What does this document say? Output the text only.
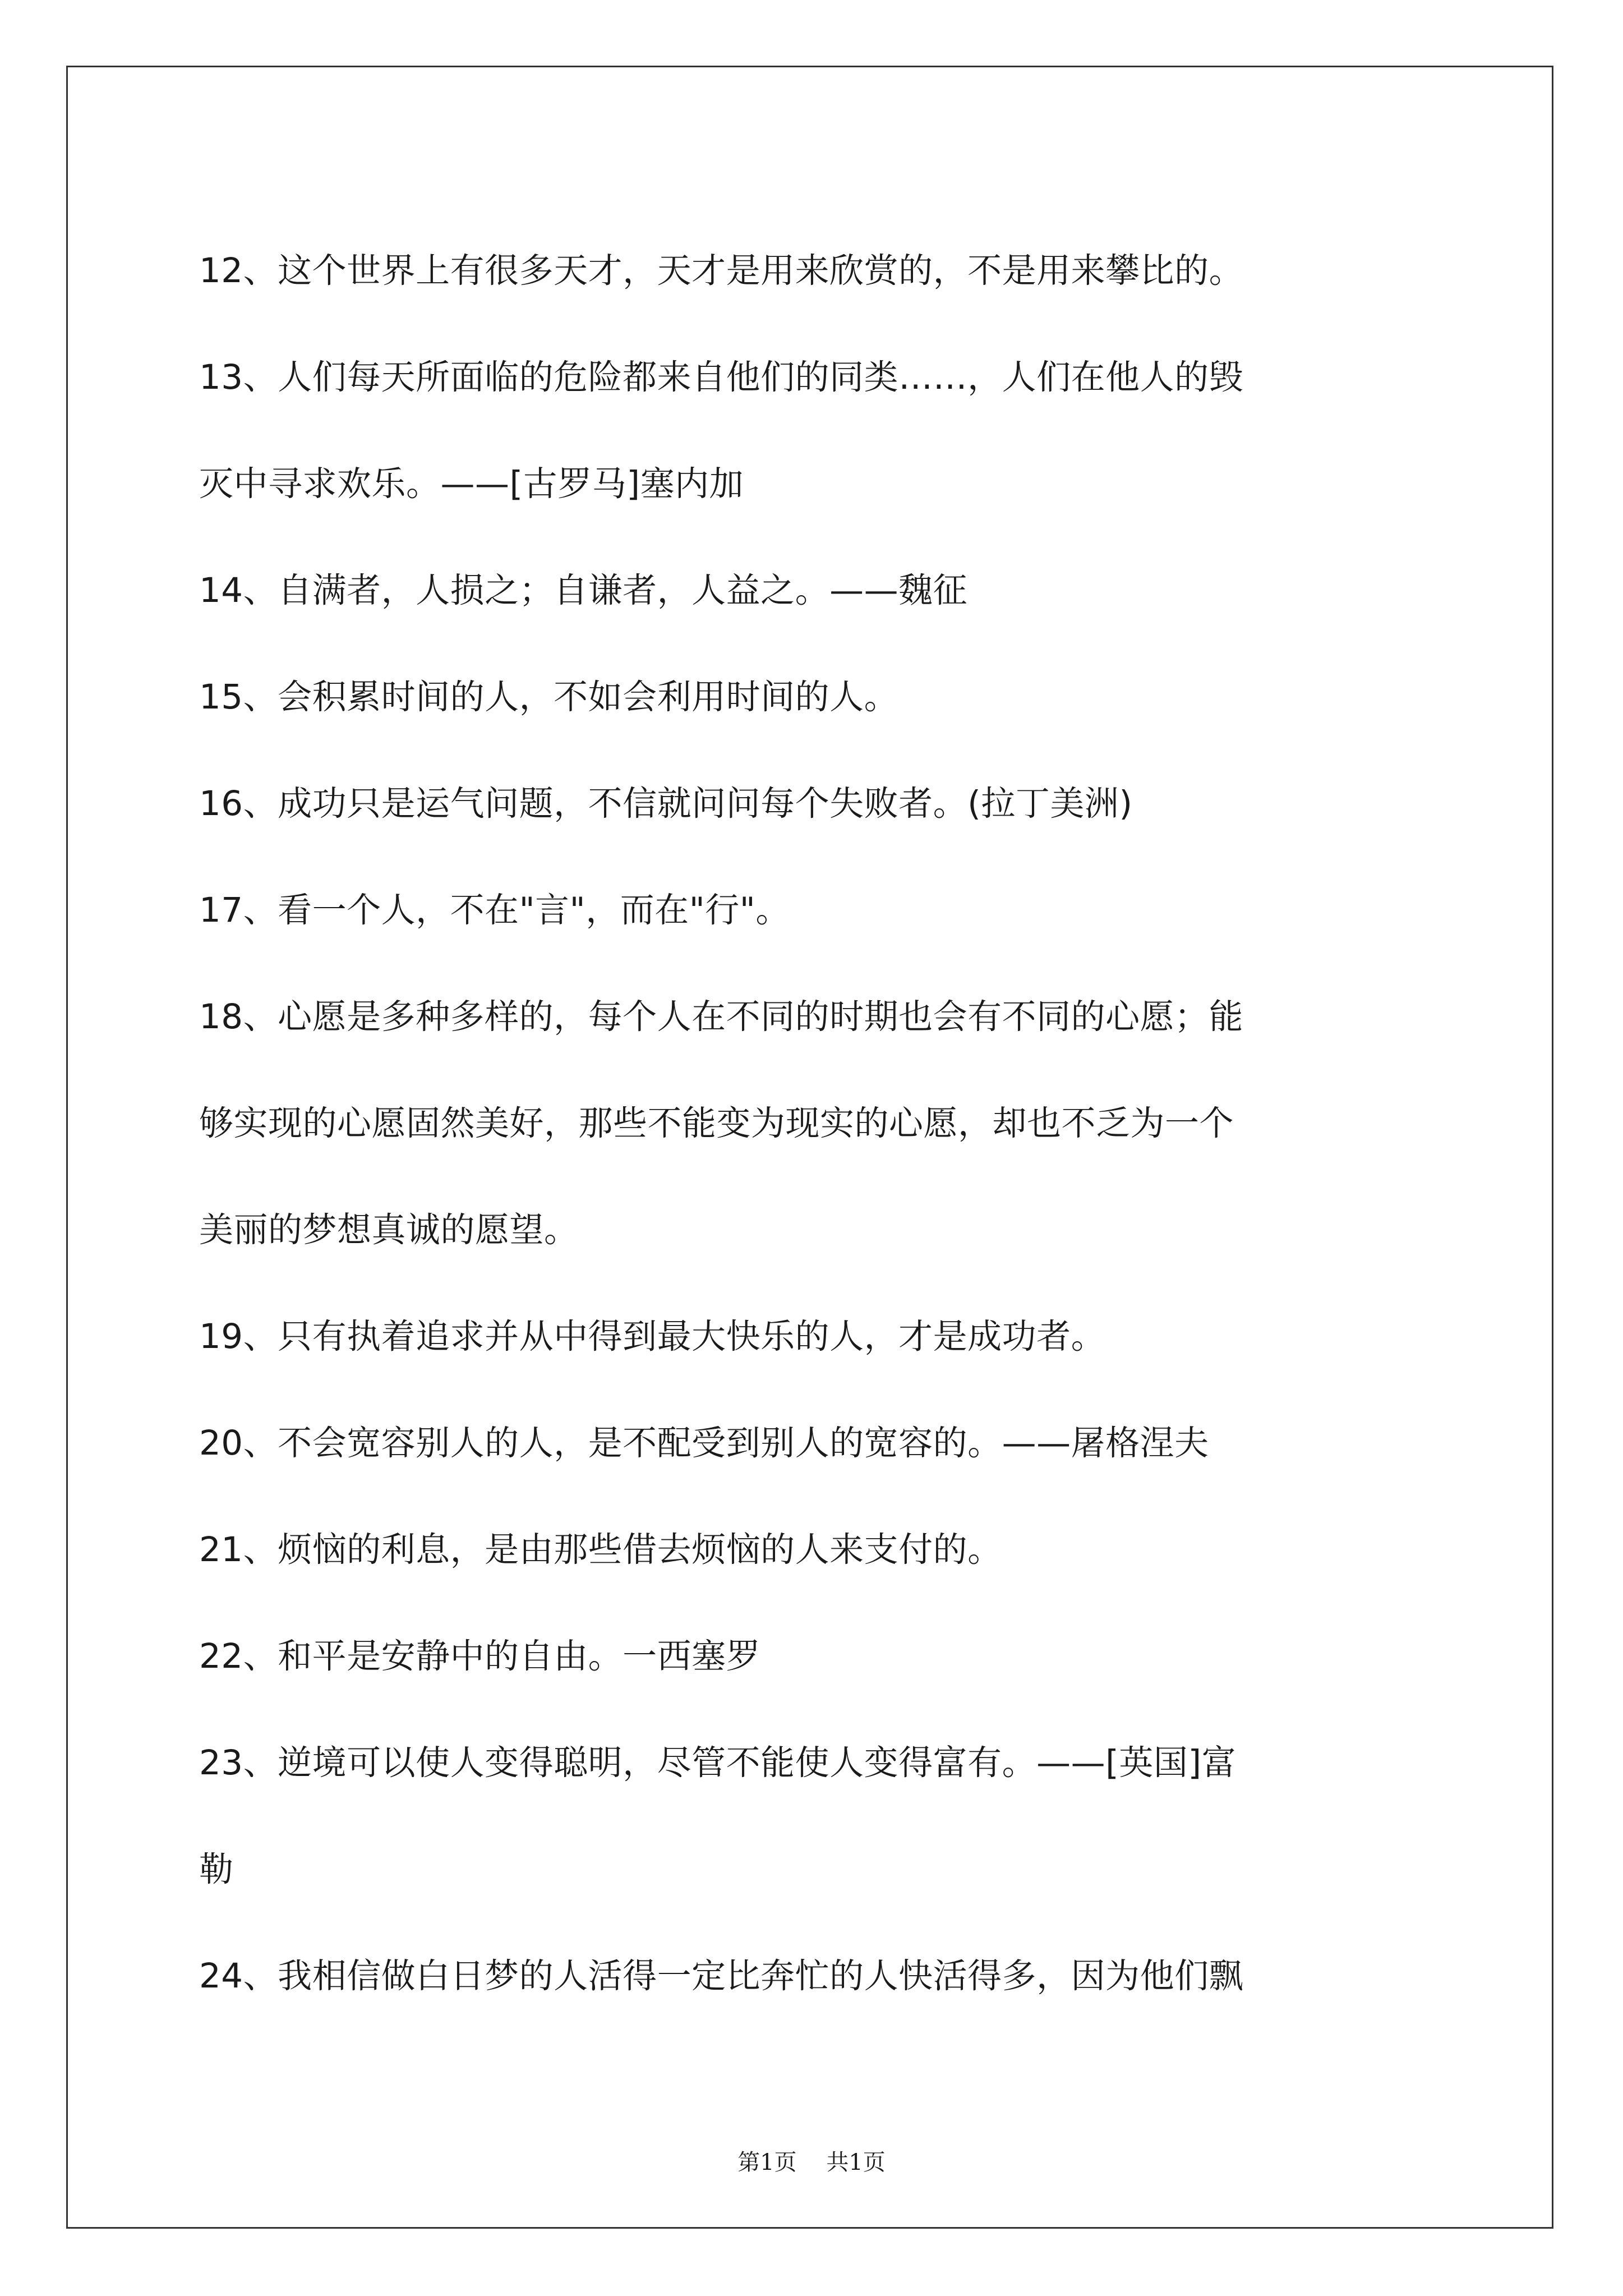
12、这个世界上有很多天才，天才是用来欣赏的，不是用来攀比的。
13、人们每天所面临的危险都来自他们的同类……，人们在他人的毁
灭中寻求欢乐。——[古罗马]塞内加
14、自满者，人损之；自谦者，人益之。——魏征
15、会积累时间的人，不如会利用时间的人。
16、成功只是运气问题，不信就问问每个失败者。(拉丁美洲)
17、看一个人，不在"言"，而在"行"。
18、心愿是多种多样的，每个人在不同的时期也会有不同的心愿；能
够实现的心愿固然美好，那些不能变为现实的心愿，却也不乏为一个
美丽的梦想真诚的愿望。
19、只有执着追求并从中得到最大快乐的人，才是成功者。
20、不会宽容别人的人，是不配受到别人的宽容的。——屠格涅夫
21、烦恼的利息，是由那些借去烦恼的人来支付的。
22、和平是安静中的自由。一西塞罗
23、逆境可以使人变得聪明，尽管不能使人变得富有。——[英国]富
勒
24、我相信做白日梦的人活得一定比奔忙的人快活得多，因为他们飘
第1页 共1页
